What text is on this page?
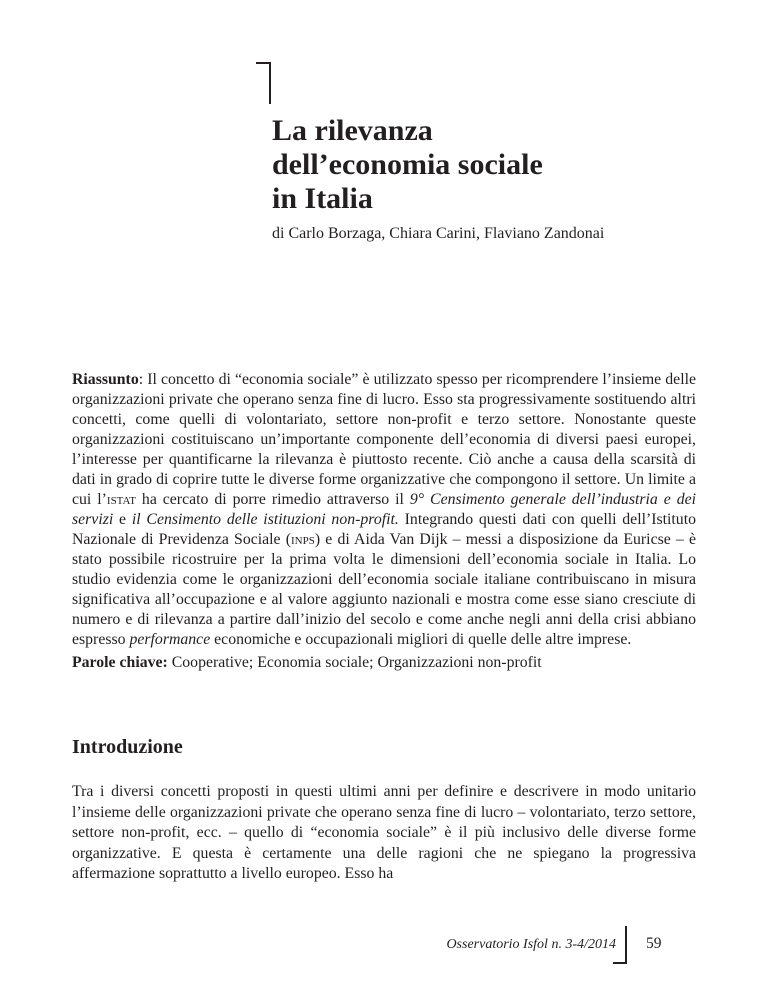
La rilevanza
dell’economia sociale
in Italia
di Carlo Borzaga, Chiara Carini, Flaviano Zandonai

Riassunto: Il concetto di “economia sociale” è utilizzato spesso per ricomprendere l’insieme delle organizzazioni private che operano senza fine di lucro. Esso sta progressivamente sostituendo altri concetti, come quelli di volontariato, settore non-profit e terzo settore. Nonostante queste organizzazioni costituiscano un’importante componente dell’economia di diversi paesi europei, l’interesse per quantificarne la rilevanza è piuttosto recente. Ciò anche a causa della scarsità di dati in grado di coprire tutte le diverse forme organizzative che compongono il settore. Un limite a cui l’istat ha cercato di porre rimedio attraverso il 9° Censimento generale dell’industria e dei servizi e il Censimento delle istituzioni non-profit. Integrando questi dati con quelli dell’Istituto Nazionale di Previdenza Sociale (inps) e di Aida Van Dijk – messi a disposizione da Euricse – è stato possibile ricostruire per la prima volta le dimensioni dell’economia sociale in Italia. Lo studio evidenzia come le organizzazioni dell’economia sociale italiane contribuiscano in misura significativa all’occupazione e al valore aggiunto nazionali e mostra come esse siano cresciute di numero e di rilevanza a partire dall’inizio del secolo e come anche negli anni della crisi abbiano espresso performance economiche e occupazionali migliori di quelle delle altre imprese.

Parole chiave: Cooperative; Economia sociale; Organizzazioni non-profit
Introduzione

Tra i diversi concetti proposti in questi ultimi anni per definire e descrivere in modo unitario l’insieme delle organizzazioni private che operano senza fine di lucro – volontariato, terzo settore, settore non-profit, ecc. – quello di “economia sociale” è il più inclusivo delle diverse forme organizzative. E questa è certamente una delle ragioni che ne spiegano la progressiva affermazione soprattutto a livello europeo. Esso ha

Osservatorio Isfol n. 3-4/2014 59
